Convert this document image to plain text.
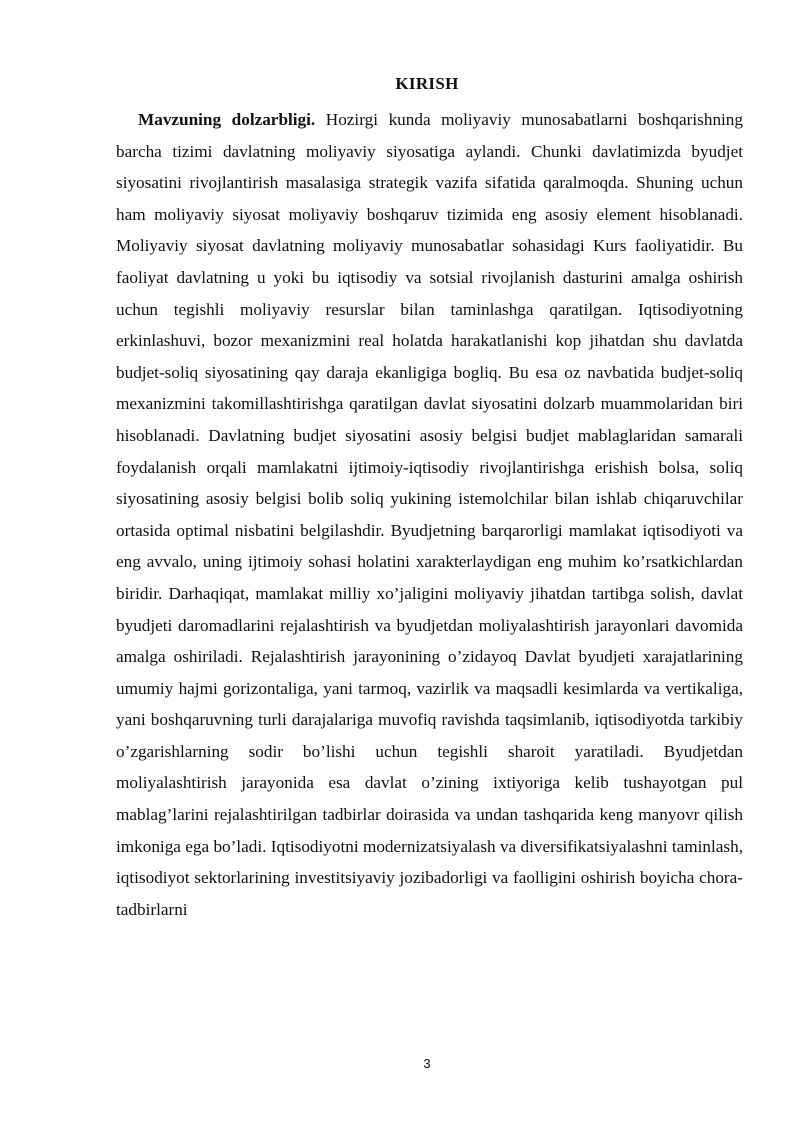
KIRISH

Mavzuning dolzarbligi. Hozirgi kunda moliyaviy munosabatlarni boshqarishning barcha tizimi davlatning moliyaviy siyosatiga aylandi. Chunki davlatimizda byudjet siyosatini rivojlantirish masalasiga strategik vazifa sifatida qaralmoqda. Shuning uchun ham moliyaviy siyosat moliyaviy boshqaruv tizimida eng asosiy element hisoblanadi. Moliyaviy siyosat davlatning moliyaviy munosabatlar sohasidagi Kurs faoliyatidir. Bu faoliyat davlatning u yoki bu iqtisodiy va sotsial rivojlanish dasturini amalga oshirish uchun tegishli moliyaviy resurslar bilan taminlashga qaratilgan. Iqtisodiyotning erkinlashuvi, bozor mexanizmini real holatda harakatlanishi kop jihatdan shu davlatda budjet-soliq siyosatining qay daraja ekanligiga bogliq. Bu esa oz navbatida budjet-soliq mexanizmini takomillashtirishga qaratilgan davlat siyosatini dolzarb muammolaridan biri hisoblanadi. Davlatning budjet siyosatini asosiy belgisi budjet mablaglaridan samarali foydalanish orqali mamlakatni ijtimoiy-iqtisodiy rivojlantirishga erishish bolsa, soliq siyosatining asosiy belgisi bolib soliq yukining istemolchilar bilan ishlab chiqaruvchilar ortasida optimal nisbatini belgilashdir. Byudjetning barqarorligi mamlakat iqtisodiyoti va eng avvalo, uning ijtimoiy sohasi holatini xarakterlaydigan eng muhim ko’rsatkichlardan biridir. Darhaqiqat, mamlakat milliy xo’jaligini moliyaviy jihatdan tartibga solish, davlat byudjeti daromadlarini rejalashtirish va byudjetdan moliyalashtirish jarayonlari davomida amalga oshiriladi. Rejalashtirish jarayonining o’zidayoq Davlat byudjeti xarajatlarining umumiy hajmi gorizontaliga, yani tarmoq, vazirlik va maqsadli kesimlarda va vertikaliga, yani boshqaruvning turli darajalariga muvofiq ravishda taqsimlanib, iqtisodiyotda tarkibiy o’zgarishlarning sodir bo’lishi uchun tegishli sharoit yaratiladi. Byudjetdan moliyalashtirish jarayonida esa davlat o’zining ixtiyoriga kelib tushayotgan pul mablag’larini rejalashtirilgan tadbirlar doirasida va undan tashqarida keng manyovr qilish imkoniga ega bo’ladi. Iqtisodiyotni modernizatsiyalash va diversifikatsiyalashni taminlash, iqtisodiyot sektorlarining investitsiyaviy jozibadorligi va faolligini oshirish boyicha chora-tadbirlarni

3
